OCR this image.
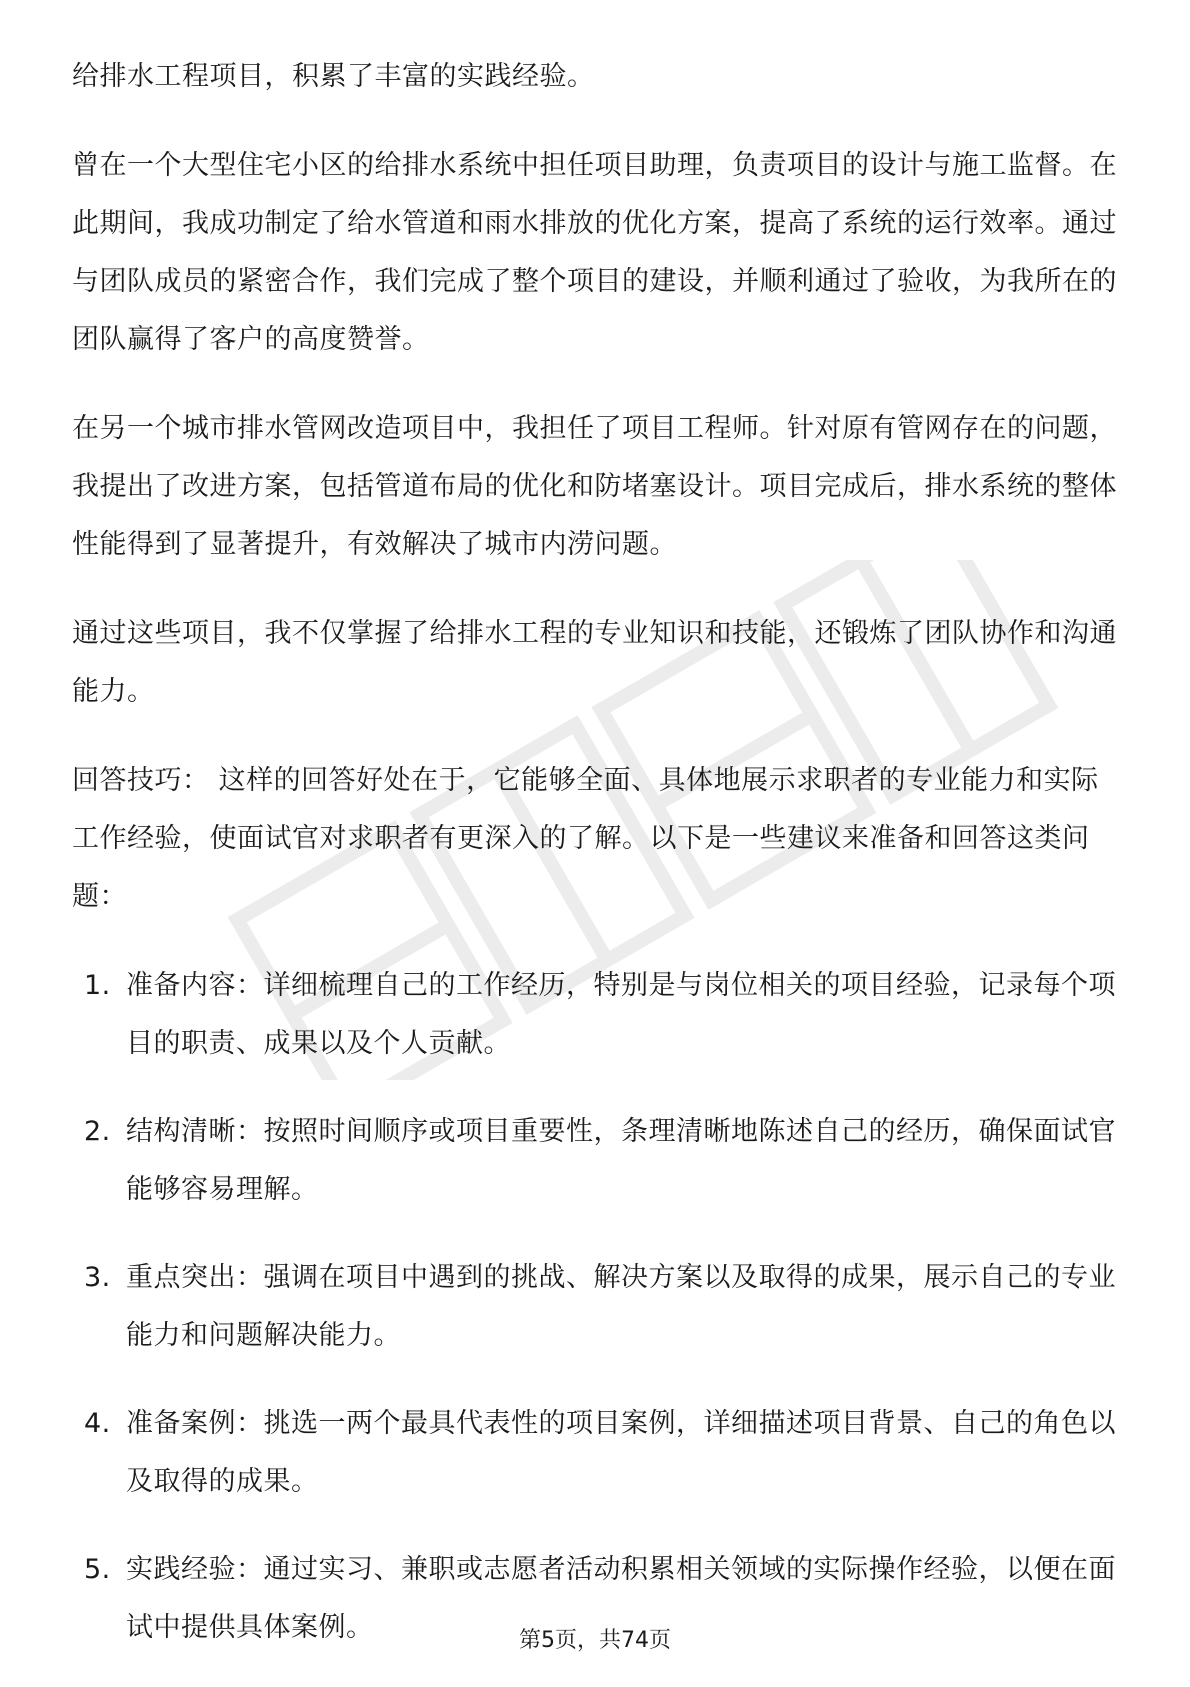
给排水工程项目，积累了丰富的实践经验。

曾在一个大型住宅小区的给排水系统中担任项目助理，负责项目的设计与施工监督。在此期间，我成功制定了给水管道和雨水排放的优化方案，提高了系统的运行效率。通过与团队成员的紧密合作，我们完成了整个项目的建设，并顺利通过了验收，为我所在的团队赢得了客户的高度赞誉。

在另一个城市排水管网改造项目中，我担任了项目工程师。针对原有管网存在的问题，我提出了改进方案，包括管道布局的优化和防堵塞设计。项目完成后，排水系统的整体性能得到了显著提升，有效解决了城市内涝问题。

通过这些项目，我不仅掌握了给排水工程的专业知识和技能，还锻炼了团队协作和沟通能力。

回答技巧： 这样的回答好处在于，它能够全面、具体地展示求职者的专业能力和实际工作经验，使面试官对求职者有更深入的了解。以下是一些建议来准备和回答这类问题：

1. 准备内容：详细梳理自己的工作经历，特别是与岗位相关的项目经验，记录每个项目的职责、成果以及个人贡献。
2. 结构清晰：按照时间顺序或项目重要性，条理清晰地陈述自己的经历，确保面试官能够容易理解。
3. 重点突出：强调在项目中遇到的挑战、解决方案以及取得的成果，展示自己的专业能力和问题解决能力。
4. 准备案例：挑选一两个最具代表性的项目案例，详细描述项目背景、自己的角色以及取得的成果。
5. 实践经验：通过实习、兼职或志愿者活动积累相关领域的实际操作经验，以便在面试中提供具体案例。	第5页，共74页
